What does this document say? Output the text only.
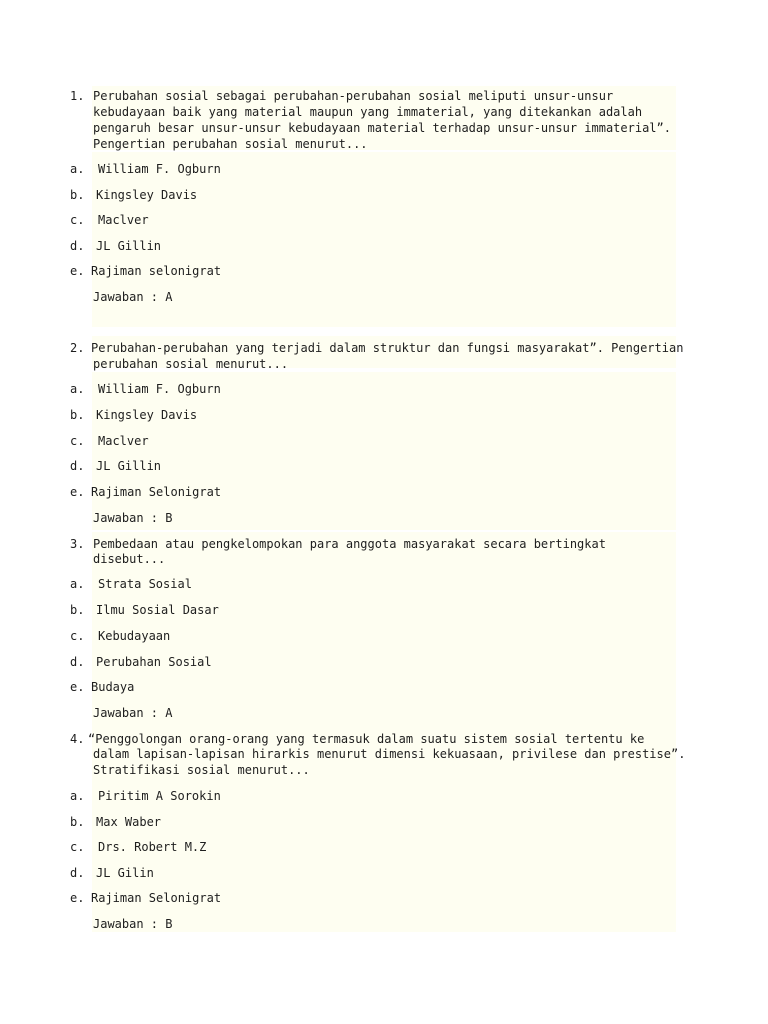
1. Perubahan sosial sebagai perubahan-perubahan sosial meliputi unsur-unsur
kebudayaan baik yang material maupun yang immaterial, yang ditekankan adalah
pengaruh besar unsur-unsur kebudayaan material terhadap unsur-unsur immaterial”.
Pengertian perubahan sosial menurut...
a. William F. Ogburn
b. Kingsley Davis
c. Maclver
d. JL Gillin
e. Rajiman selonigrat
Jawaban : A
2. Perubahan-perubahan yang terjadi dalam struktur dan fungsi masyarakat”. Pengertian
perubahan sosial menurut...
a. William F. Ogburn
b. Kingsley Davis
c. Maclver
d. JL Gillin
e. Rajiman Selonigrat
Jawaban : B
3. Pembedaan atau pengkelompokan para anggota masyarakat secara bertingkat
disebut...
a. Strata Sosial
b. Ilmu Sosial Dasar
c. Kebudayaan
d. Perubahan Sosial
e. Budaya
Jawaban : A
4. “Penggolongan orang-orang yang termasuk dalam suatu sistem sosial tertentu ke
dalam lapisan-lapisan hirarkis menurut dimensi kekuasaan, privilese dan prestise”.
Stratifikasi sosial menurut...
a. Piritim A Sorokin
b. Max Waber
c. Drs. Robert M.Z
d. JL Gilin
e. Rajiman Selonigrat
Jawaban : B
